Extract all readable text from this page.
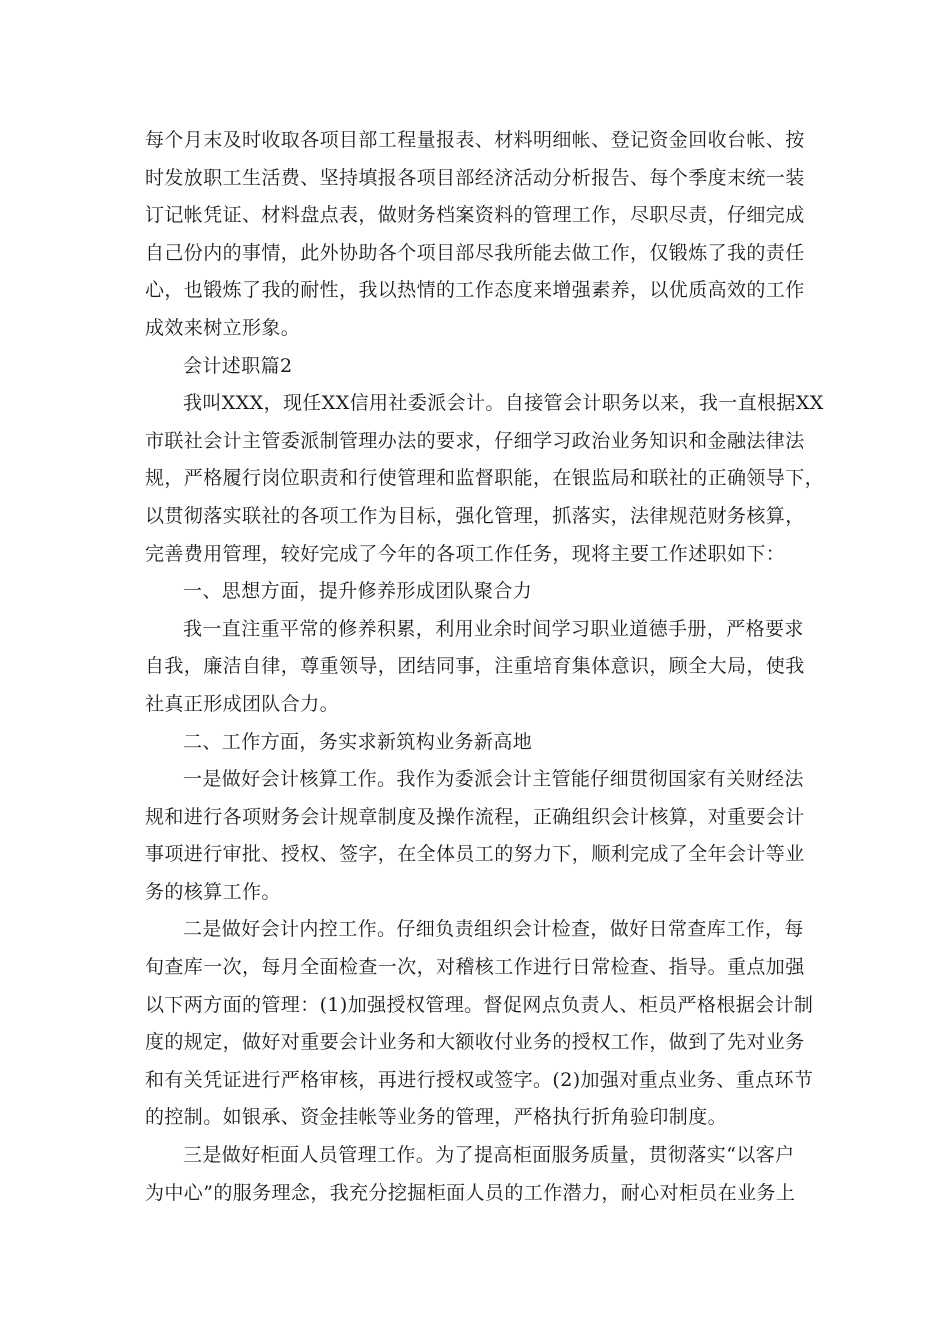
每个月末及时收取各项目部工程量报表、材料明细帐、登记资金回收台帐、按
时发放职工生活费、坚持填报各项目部经济活动分析报告、每个季度末统一装
订记帐凭证、材料盘点表，做财务档案资料的管理工作，尽职尽责，仔细完成
自己份内的事情，此外协助各个项目部尽我所能去做工作，仅锻炼了我的责任
心，也锻炼了我的耐性，我以热情的工作态度来增强素养，以优质高效的工作
成效来树立形象。
会计述职篇2
我叫XXX，现任XX信用社委派会计。自接管会计职务以来，我一直根据XX
市联社会计主管委派制管理办法的要求，仔细学习政治业务知识和金融法律法
规，严格履行岗位职责和行使管理和监督职能，在银监局和联社的正确领导下，
以贯彻落实联社的各项工作为目标，强化管理，抓落实，法律规范财务核算，
完善费用管理，较好完成了今年的各项工作任务，现将主要工作述职如下：
一、思想方面，提升修养形成团队聚合力
我一直注重平常的修养积累，利用业余时间学习职业道德手册，严格要求
自我，廉洁自律，尊重领导，团结同事，注重培育集体意识，顾全大局，使我
社真正形成团队合力。
二、工作方面，务实求新筑构业务新高地
一是做好会计核算工作。我作为委派会计主管能仔细贯彻国家有关财经法
规和进行各项财务会计规章制度及操作流程，正确组织会计核算，对重要会计
事项进行审批、授权、签字，在全体员工的努力下，顺利完成了全年会计等业
务的核算工作。
二是做好会计内控工作。仔细负责组织会计检查，做好日常查库工作，每
旬查库一次，每月全面检查一次，对稽核工作进行日常检查、指导。重点加强
以下两方面的管理：(1)加强授权管理。督促网点负责人、柜员严格根据会计制
度的规定，做好对重要会计业务和大额收付业务的授权工作，做到了先对业务
和有关凭证进行严格审核，再进行授权或签字。(2)加强对重点业务、重点环节
的控制。如银承、资金挂帐等业务的管理，严格执行折角验印制度。
三是做好柜面人员管理工作。为了提高柜面服务质量，贯彻落实“以客户
为中心”的服务理念，我充分挖掘柜面人员的工作潜力，耐心对柜员在业务上
